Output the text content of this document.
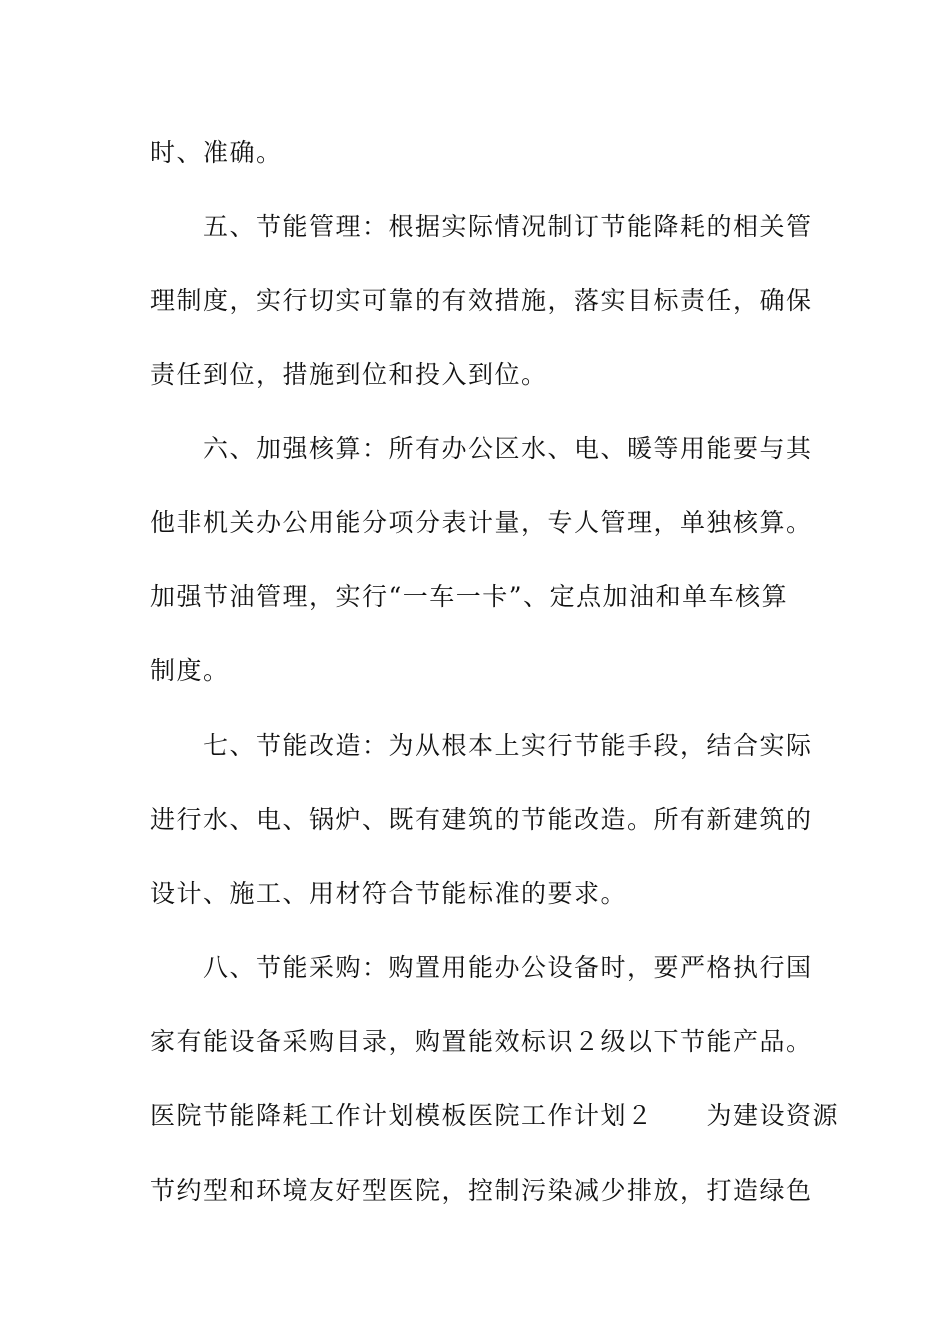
时、准确。
五、节能管理：根据实际情况制订节能降耗的相关管
理制度，实行切实可靠的有效措施，落实目标责任，确保
责任到位，措施到位和投入到位。
六、加强核算：所有办公区水、电、暖等用能要与其
他非机关办公用能分项分表计量，专人管理，单独核算。
加强节油管理，实行“一车一卡”、定点加油和单车核算
制度。
七、节能改造：为从根本上实行节能手段，结合实际
进行水、电、锅炉、既有建筑的节能改造。所有新建筑的
设计、施工、用材符合节能标准的要求。
八、节能采购：购置用能办公设备时，要严格执行国
家有能设备采购目录，购置能效标识２级以下节能产品。
医院节能降耗工作计划模板医院工作计划２　　为建设资源
节约型和环境友好型医院，控制污染减少排放，打造绿色
